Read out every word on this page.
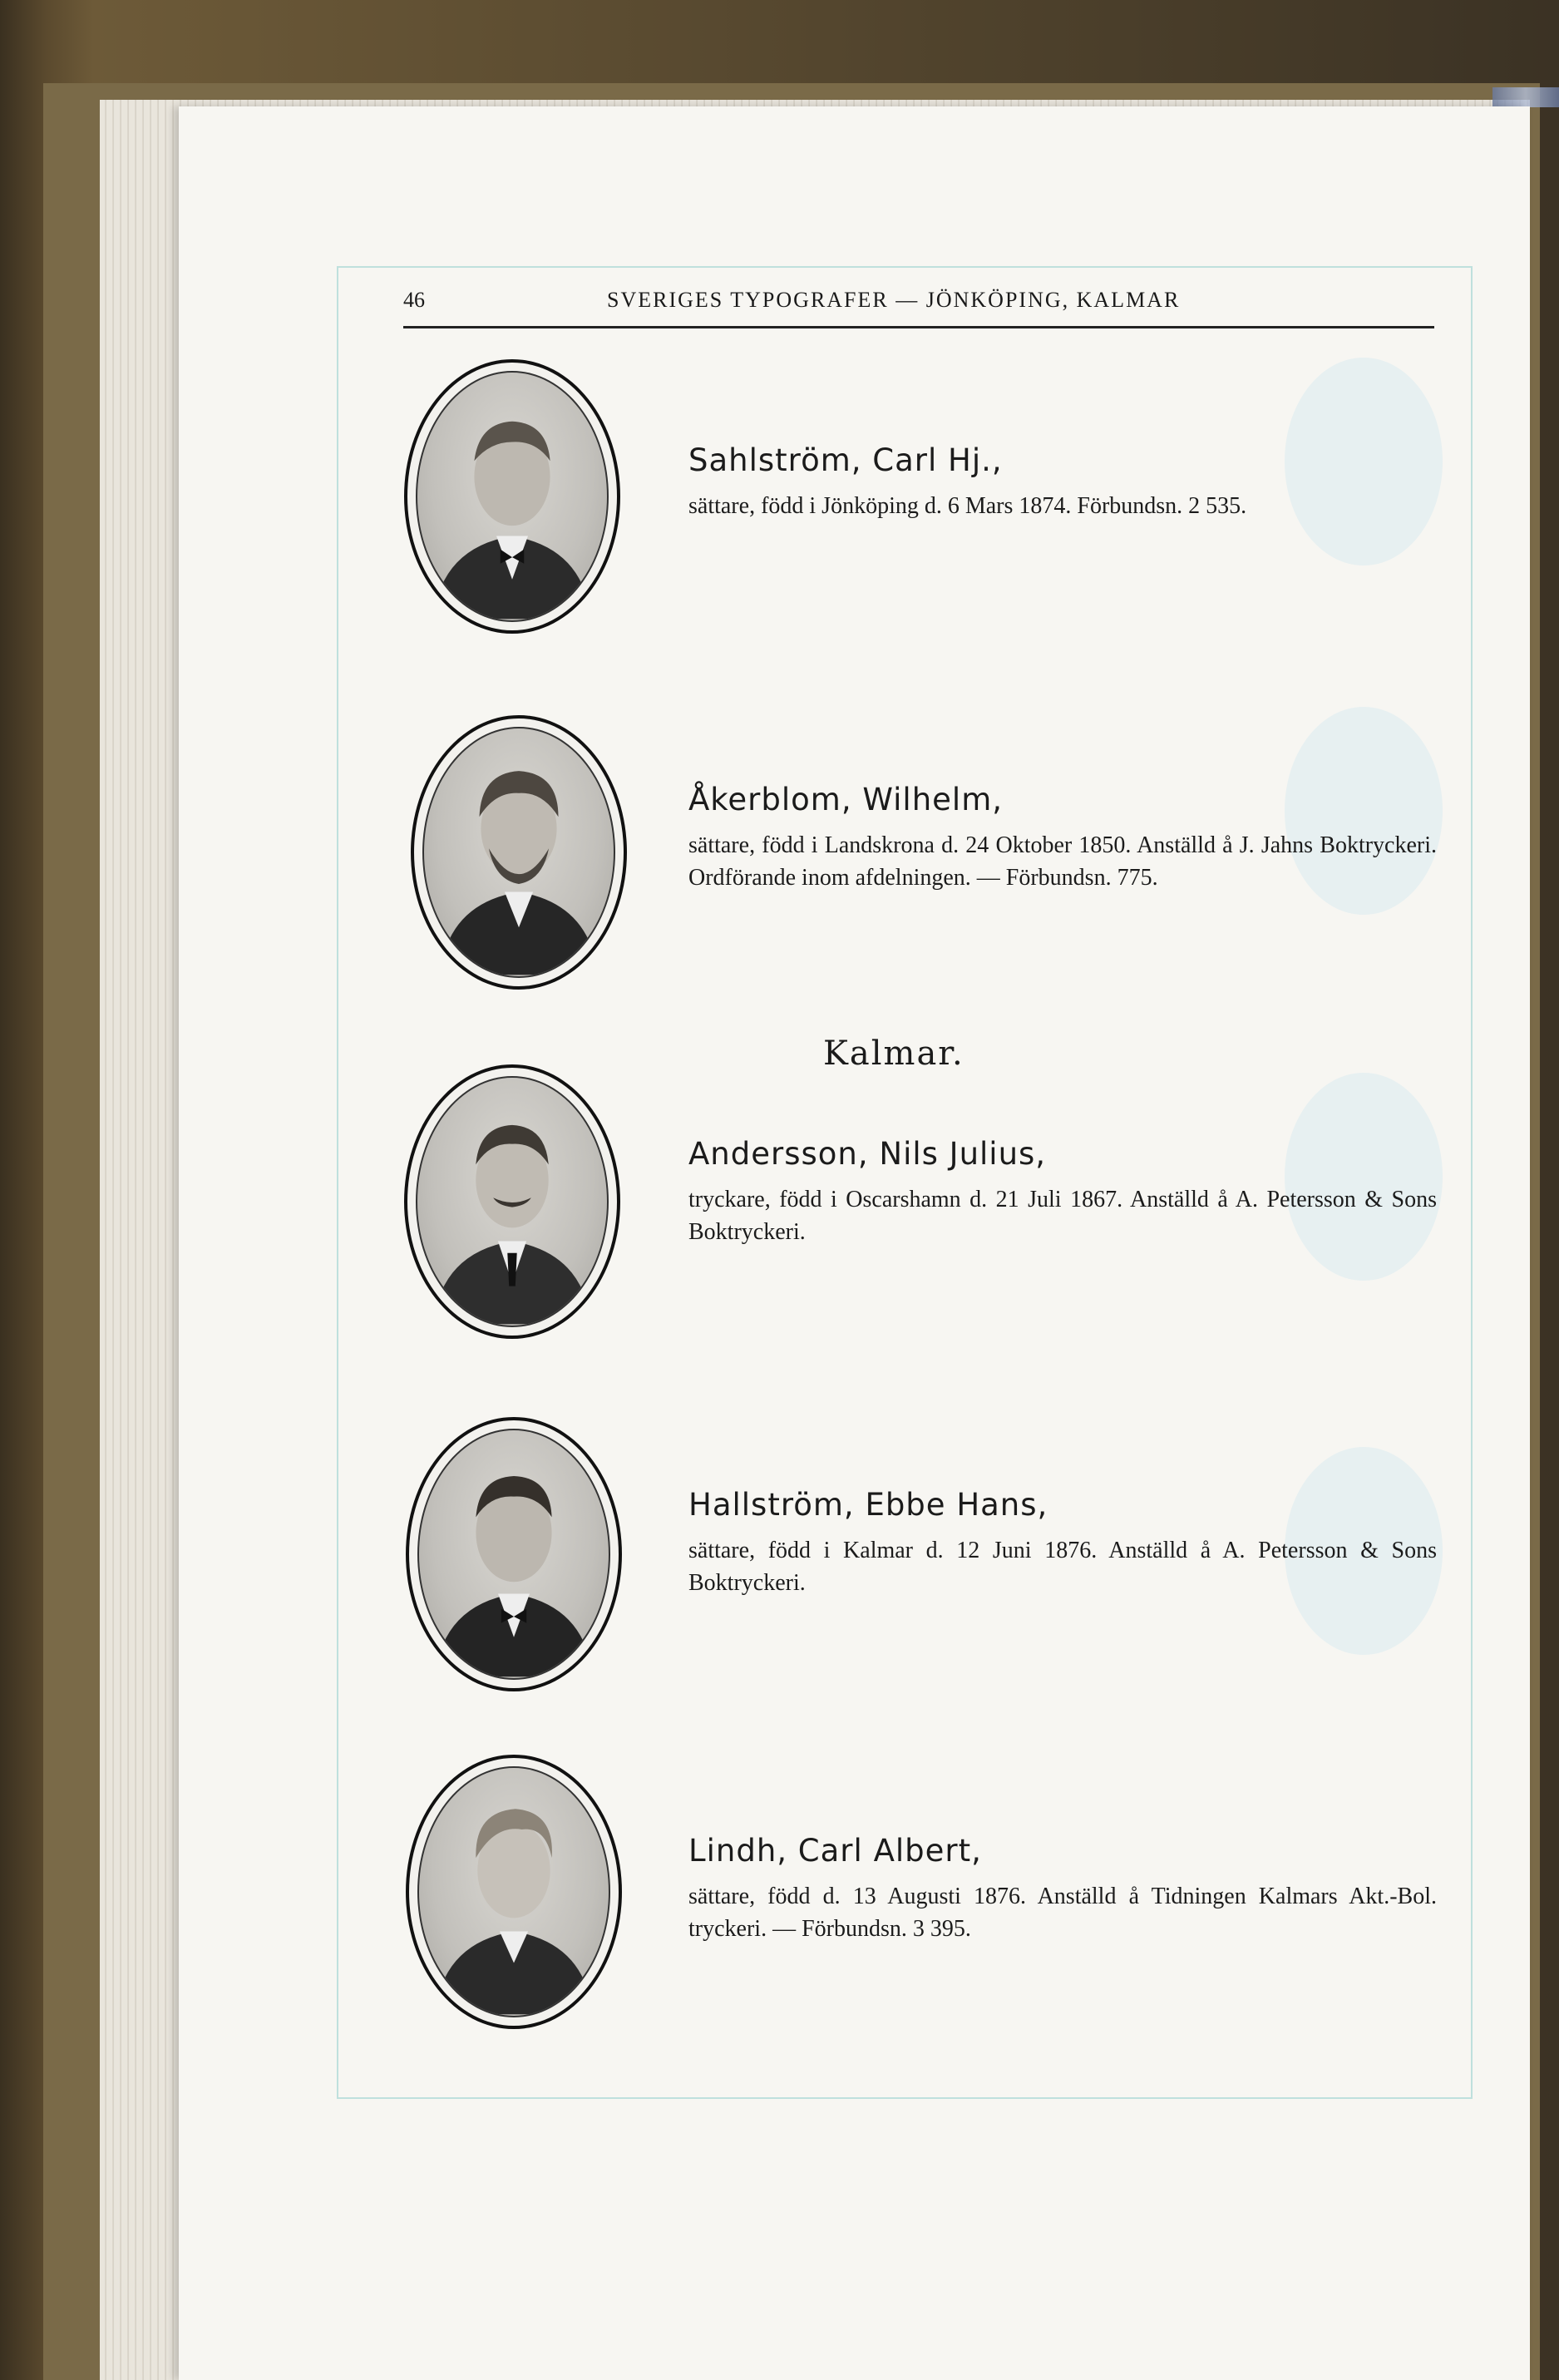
46	SVERIGES TYPOGRAFER — JÖNKÖPING, KALMAR

Sahlström, Carl Hj.,

sättare, född i Jönköping d. 6 Mars 1874. Förbundsn. 2 535.

Åkerblom, Wilhelm,

sättare, född i Landskrona d. 24 Oktober 1850. Anställd å J. Jahns Boktryckeri. Ordförande inom afdelningen. — Förbundsn. 775.

Kalmar.

Andersson, Nils Julius,

tryckare, född i Oscarshamn d. 21 Juli 1867. Anställd å A. Petersson & Sons Boktryckeri.

Hallström, Ebbe Hans,

sättare, född i Kalmar d. 12 Juni 1876. Anställd å A. Petersson & Sons Boktryckeri.

Lindh, Carl Albert,

sättare, född d. 13 Augusti 1876. Anställd å Tidningen Kalmars Akt.-Bol. tryckeri. — Förbundsn. 3 395.
